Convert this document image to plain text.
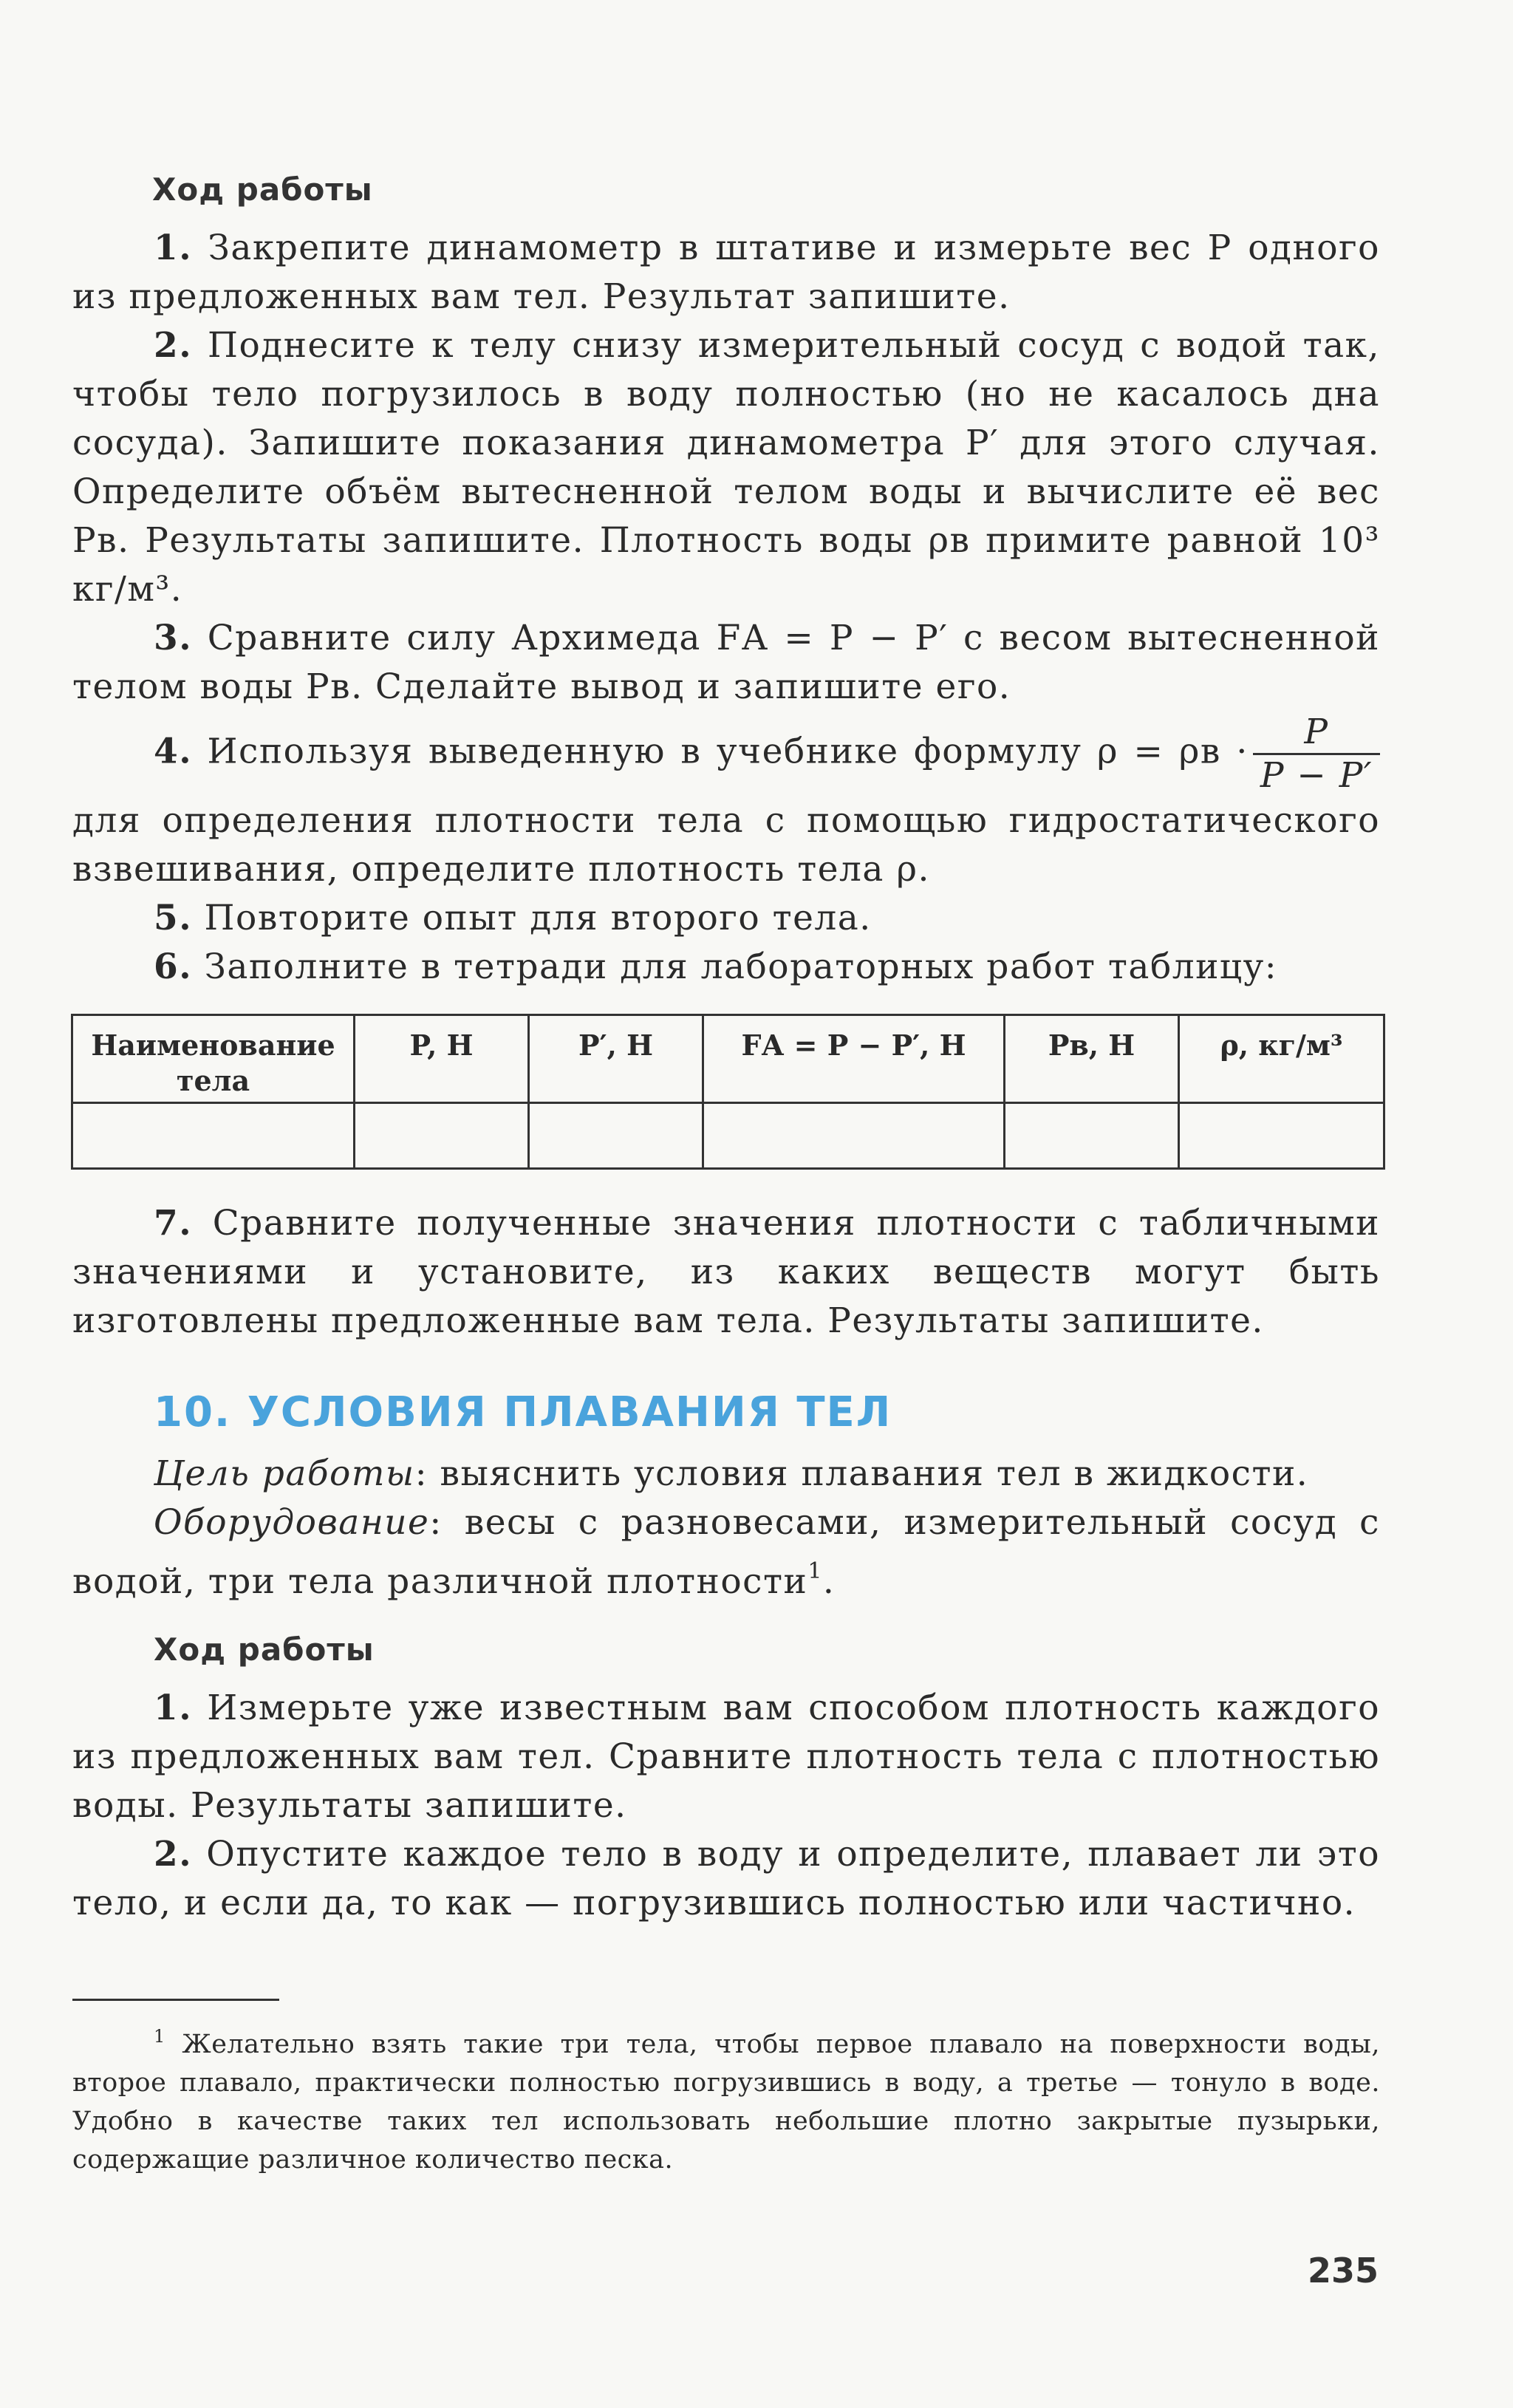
Ход работы

1. Закрепите динамометр в штативе и измерьте вес P одного из предложенных вам тел. Результат запишите.

2. Поднесите к телу снизу измерительный сосуд с водой так, чтобы тело погрузилось в воду полностью (но не касалось дна сосуда). Запишите показания динамометра P′ для этого случая. Определите объём вытесненной телом воды и вычислите её вес Pв. Результаты запишите. Плотность воды ρв примите равной 10³ кг/м³.

3. Сравните силу Архимеда FА = P − P′ с весом вытесненной телом воды Pв. Сделайте вывод и запишите его.

4. Используя выведенную в учебнике формулу $\rho = \rho в \cdot \frac{P}{P - P'}$
для определения плотности тела с помощью гидростатического взвешивания, определите плотность тела ρ.

5. Повторите опыт для второго тела.

6. Заполните в тетради для лабораторных работ таблицу:

Наименование тела	P, Н	P′, Н	FА = P − P′, Н	Pв, Н	ρ, кг/м³

7. Сравните полученные значения плотности с табличными значениями и установите, из каких веществ могут быть изготовлены предложенные вам тела. Результаты запишите.

10. УСЛОВИЯ ПЛАВАНИЯ ТЕЛ

Цель работы: выяснить условия плавания тел в жидкости.

Оборудование: весы с разновесами, измерительный сосуд с водой, три тела различной плотности$^1$.

Ход работы

1. Измерьте уже известным вам способом плотность каждого из предложенных вам тел. Сравните плотность тела с плотностью воды. Результаты запишите.

2. Опустите каждое тело в воду и определите, плавает ли это тело, и если да, то как — погрузившись полностью или частично.

$^1$ Желательно взять такие три тела, чтобы первое плавало на поверхности воды, второе плавало, практически полностью погрузившись в воду, а третье — тонуло в воде. Удобно в качестве таких тел использовать небольшие плотно закрытые пузырьки, содержащие различное количество песка.

235
